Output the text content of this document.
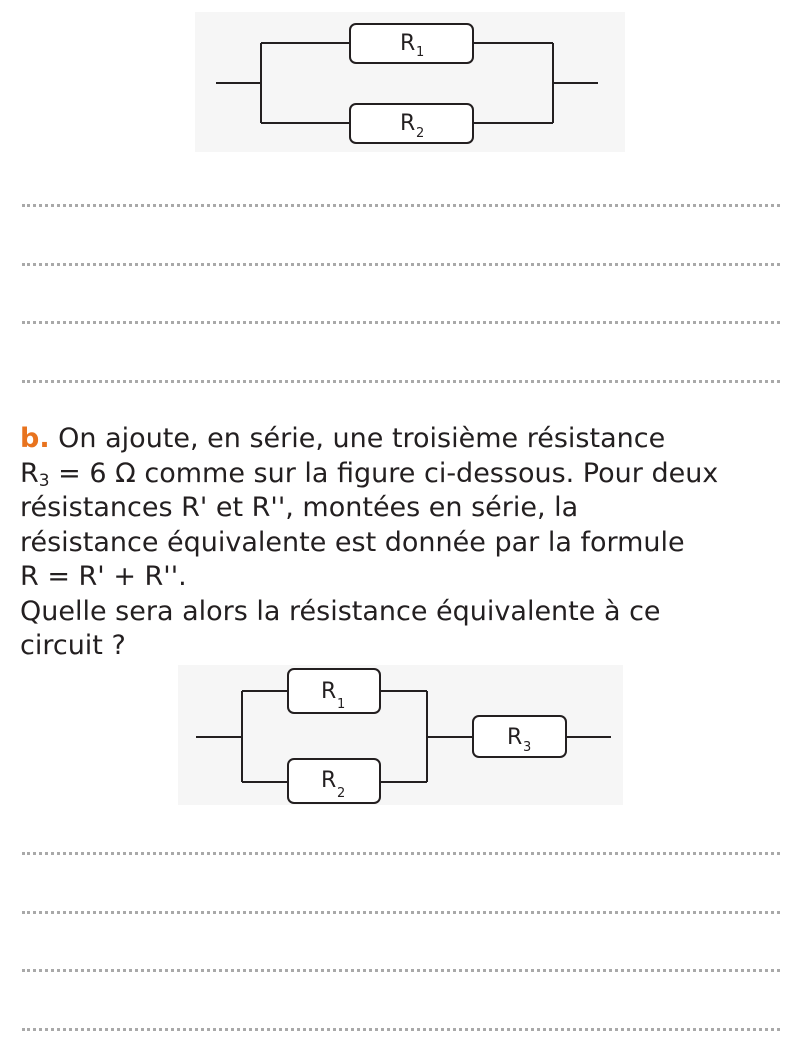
R 1
R 2
b. On ajoute, en série, une troisième résistance
$R_3 = 6$ Ω comme sur la figure ci-dessous. Pour deux
résistances R' et R'', montées en série, la
résistance équivalente est donnée par la formule
R = R' + R''.
Quelle sera alors la résistance équivalente à ce
circuit ?
R
1
R
2
R 3
